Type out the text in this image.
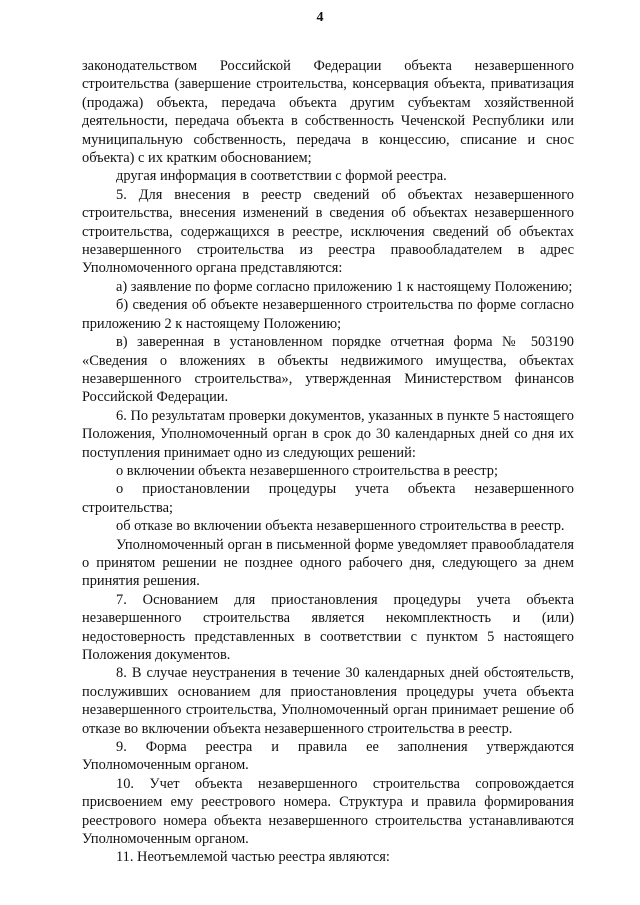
4

законодательством Российской Федерации объекта незавершенного строительства (завершение строительства, консервация объекта, приватизация (продажа) объекта, передача объекта другим субъектам хозяйственной деятельности, передача объекта в собственность Чеченской Республики или муниципальную собственность, передача в концессию, списание и снос объекта) с их кратким обоснованием;

другая информация в соответствии с формой реестра.

5. Для внесения в реестр сведений об объектах незавершенного строительства, внесения изменений в сведения об объектах незавершенного строительства, содержащихся в реестре, исключения сведений об объектах незавершенного строительства из реестра правообладателем в адрес Уполномоченного органа представляются:

а) заявление по форме согласно приложению 1 к настоящему Положению;

б) сведения об объекте незавершенного строительства по форме согласно приложению 2 к настоящему Положению;

в) заверенная в установленном порядке отчетная форма № 503190 «Сведения о вложениях в объекты недвижимого имущества, объектах незавершенного строительства», утвержденная Министерством финансов Российской Федерации.

6. По результатам проверки документов, указанных в пункте 5 настоящего Положения, Уполномоченный орган в срок до 30 календарных дней со дня их поступления принимает одно из следующих решений:

о включении объекта незавершенного строительства в реестр;

о приостановлении процедуры учета объекта незавершенного строительства;

об отказе во включении объекта незавершенного строительства в реестр.

Уполномоченный орган в письменной форме уведомляет правообладателя о принятом решении не позднее одного рабочего дня, следующего за днем принятия решения.

7. Основанием для приостановления процедуры учета объекта незавершенного строительства является некомплектность и (или) недостоверность представленных в соответствии с пунктом 5 настоящего Положения документов.

8. В случае неустранения в течение 30 календарных дней обстоятельств, послуживших основанием для приостановления процедуры учета объекта незавершенного строительства, Уполномоченный орган принимает решение об отказе во включении объекта незавершенного строительства в реестр.

9. Форма реестра и правила ее заполнения утверждаются Уполномоченным органом.

10. Учет объекта незавершенного строительства сопровождается присвоением ему реестрового номера. Структура и правила формирования реестрового номера объекта незавершенного строительства устанавливаются Уполномоченным органом.

11. Неотъемлемой частью реестра являются:
